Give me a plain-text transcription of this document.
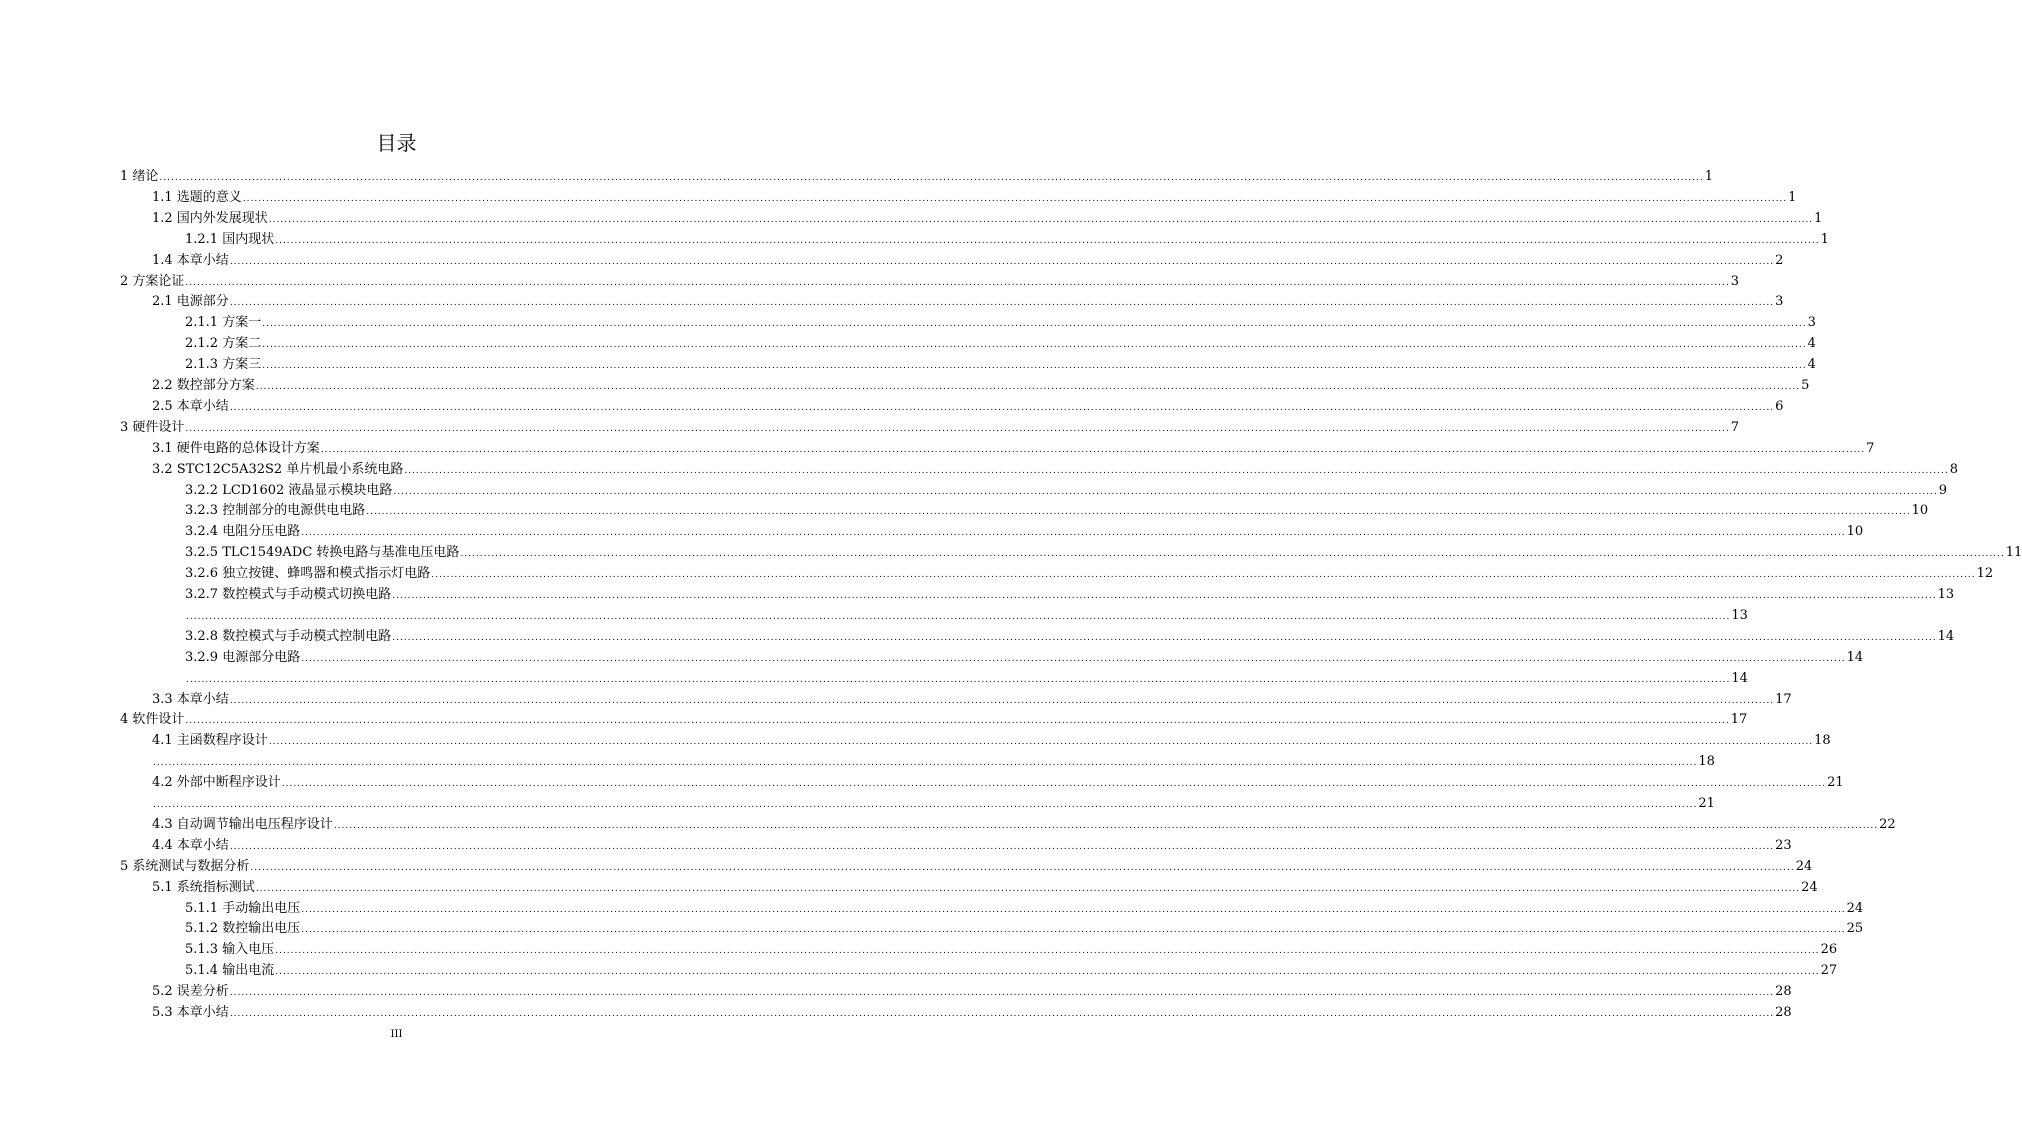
目录
1 绪论 ................................................................................................................................................................................................................................................................................................................................................................................................................ 1
1.1 选题的意义 ................................................................................................................................................................................................................................................................................................................................................................................................................ 1
1.2 国内外发展现状 ................................................................................................................................................................................................................................................................................................................................................................................................................ 1
1.2.1 国内现状 ................................................................................................................................................................................................................................................................................................................................................................................................................ 1
1.4 本章小结 ................................................................................................................................................................................................................................................................................................................................................................................................................ 2
2 方案论证 ................................................................................................................................................................................................................................................................................................................................................................................................................ 3
2.1 电源部分 ................................................................................................................................................................................................................................................................................................................................................................................................................ 3
2.1.1 方案一 ................................................................................................................................................................................................................................................................................................................................................................................................................ 3
2.1.2 方案二 ................................................................................................................................................................................................................................................................................................................................................................................................................ 4
2.1.3 方案三 ................................................................................................................................................................................................................................................................................................................................................................................................................ 4
2.2 数控部分方案 ................................................................................................................................................................................................................................................................................................................................................................................................................ 5
2.5 本章小结 ................................................................................................................................................................................................................................................................................................................................................................................................................ 6
3 硬件设计 ................................................................................................................................................................................................................................................................................................................................................................................................................ 7
3.1 硬件电路的总体设计方案 ................................................................................................................................................................................................................................................................................................................................................................................................................ 7
3.2 STC12C5A32S2 单片机最小系统电路 ................................................................................................................................................................................................................................................................................................................................................................................................................ 8
3.2.2 LCD1602 液晶显示模块电路 ................................................................................................................................................................................................................................................................................................................................................................................................................ 9
3.2.3 控制部分的电源供电电路 ................................................................................................................................................................................................................................................................................................................................................................................................................ 10
3.2.4 电阻分压电路 ................................................................................................................................................................................................................................................................................................................................................................................................................ 10
3.2.5 TLC1549ADC 转换电路与基准电压电路 ................................................................................................................................................................................................................................................................................................................................................................................................................ 11
3.2.6 独立按键、蜂鸣器和模式指示灯电路 ................................................................................................................................................................................................................................................................................................................................................................................................................ 12
3.2.7 数控模式与手动模式切换电路 ................................................................................................................................................................................................................................................................................................................................................................................................................ 13
................................................................................................................................................................................................................................................................................................................................................................................................................ 13
3.2.8 数控模式与手动模式控制电路 ................................................................................................................................................................................................................................................................................................................................................................................................................ 14
3.2.9 电源部分电路 ................................................................................................................................................................................................................................................................................................................................................................................................................ 14
................................................................................................................................................................................................................................................................................................................................................................................................................ 14
3.3 本章小结 ................................................................................................................................................................................................................................................................................................................................................................................................................ 17
4 软件设计 ................................................................................................................................................................................................................................................................................................................................................................................................................ 17
4.1 主函数程序设计 ................................................................................................................................................................................................................................................................................................................................................................................................................ 18
................................................................................................................................................................................................................................................................................................................................................................................................................ 18
4.2 外部中断程序设计 ................................................................................................................................................................................................................................................................................................................................................................................................................ 21
................................................................................................................................................................................................................................................................................................................................................................................................................ 21
4.3 自动调节输出电压程序设计 ................................................................................................................................................................................................................................................................................................................................................................................................................ 22
4.4 本章小结 ................................................................................................................................................................................................................................................................................................................................................................................................................ 23
5 系统测试与数据分析 ................................................................................................................................................................................................................................................................................................................................................................................................................ 24
5.1 系统指标测试 ................................................................................................................................................................................................................................................................................................................................................................................................................ 24
5.1.1 手动输出电压 ................................................................................................................................................................................................................................................................................................................................................................................................................ 24
5.1.2 数控输出电压 ................................................................................................................................................................................................................................................................................................................................................................................................................ 25
5.1.3 输入电压 ................................................................................................................................................................................................................................................................................................................................................................................................................ 26
5.1.4 输出电流 ................................................................................................................................................................................................................................................................................................................................................................................................................ 27
5.2 误差分析 ................................................................................................................................................................................................................................................................................................................................................................................................................ 28
5.3 本章小结 ................................................................................................................................................................................................................................................................................................................................................................................................................ 28
III
